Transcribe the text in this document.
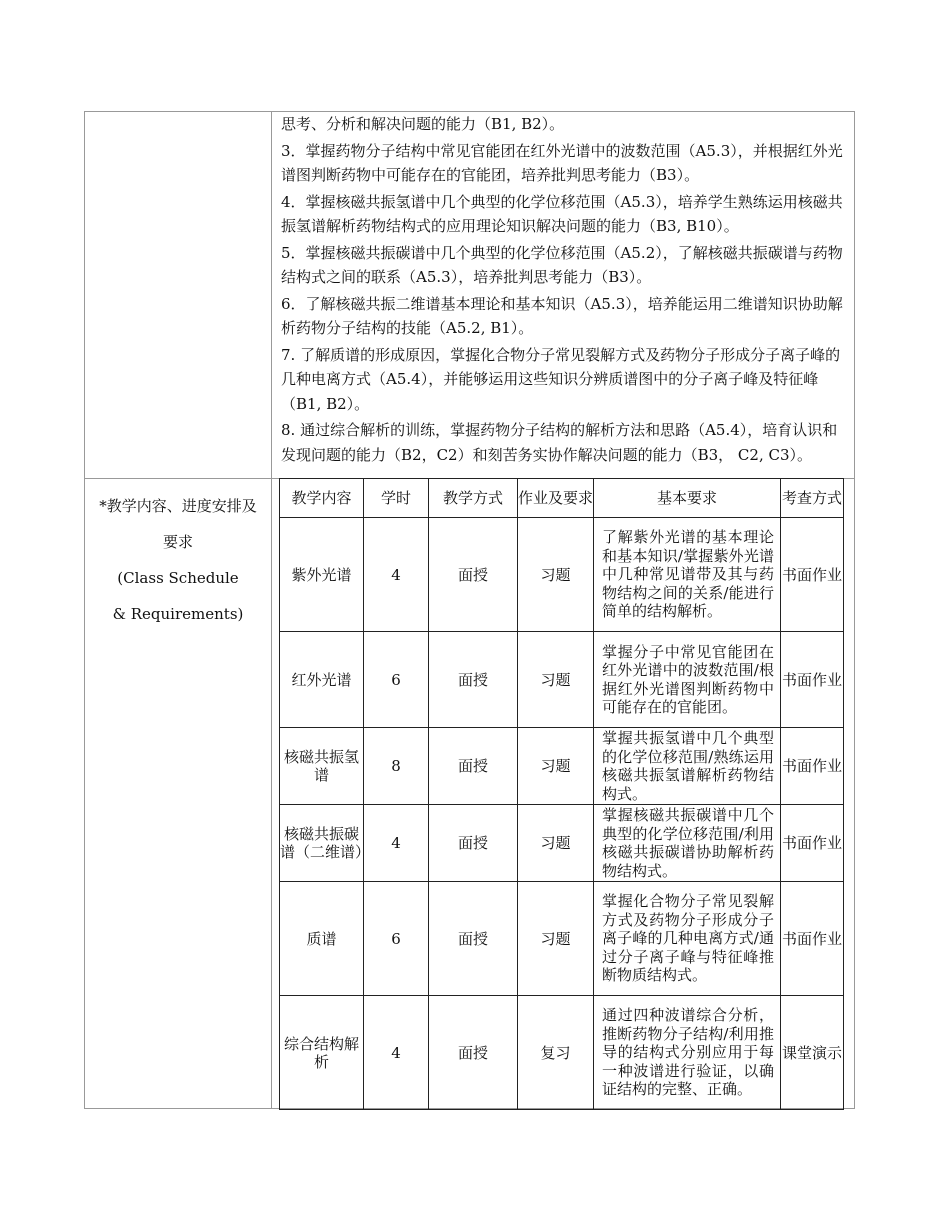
思考、分析和解决问题的能力（B1, B2）。

3．掌握药物分子结构中常见官能团在红外光谱中的波数范围（A5.3），并根据红外光谱图判断药物中可能存在的官能团，培养批判思考能力（B3）。

4．掌握核磁共振氢谱中几个典型的化学位移范围（A5.3），培养学生熟练运用核磁共振氢谱解析药物结构式的应用理论知识解决问题的能力（B3, B10）。

5．掌握核磁共振碳谱中几个典型的化学位移范围（A5.2），了解核磁共振碳谱与药物结构式之间的联系（A5.3），培养批判思考能力（B3）。

6．了解核磁共振二维谱基本理论和基本知识（A5.3），培养能运用二维谱知识协助解析药物分子结构的技能（A5.2, B1）。

7. 了解质谱的形成原因，掌握化合物分子常见裂解方式及药物分子形成分子离子峰的几种电离方式（A5.4），并能够运用这些知识分辨质谱图中的分子离子峰及特征峰（B1, B2）。

8. 通过综合解析的训练，掌握药物分子结构的解析方法和思路（A5.4），培育认识和发现问题的能力（B2，C2）和刻苦务实协作解决问题的能力（B3， C2, C3）。

*教学内容、进度安排及
要求
(Class Schedule
& Requirements)
教学内容	学时	教学方式	作业及要求	基本要求	考查方式
紫外光谱	4	面授	习题	了解紫外光谱的基本理论和基本知识/掌握紫外光谱中几种常见谱带及其与药物结构之间的关系/能进行简单的结构解析。	书面作业
红外光谱	6	面授	习题	掌握分子中常见官能团在红外光谱中的波数范围/根据红外光谱图判断药物中可能存在的官能团。	书面作业
核磁共振氢谱	8	面授	习题	掌握共振氢谱中几个典型的化学位移范围/熟练运用核磁共振氢谱解析药物结构式。	书面作业
核磁共振碳谱（二维谱）	4	面授	习题	掌握核磁共振碳谱中几个典型的化学位移范围/利用核磁共振碳谱协助解析药物结构式。	书面作业
质谱	6	面授	习题	掌握化合物分子常见裂解方式及药物分子形成分子离子峰的几种电离方式/通过分子离子峰与特征峰推断物质结构式。	书面作业
综合结构解析	4	面授	复习	通过四种波谱综合分析，推断药物分子结构/利用推导的结构式分别应用于每一种波谱进行验证，以确证结构的完整、正确。	课堂演示
